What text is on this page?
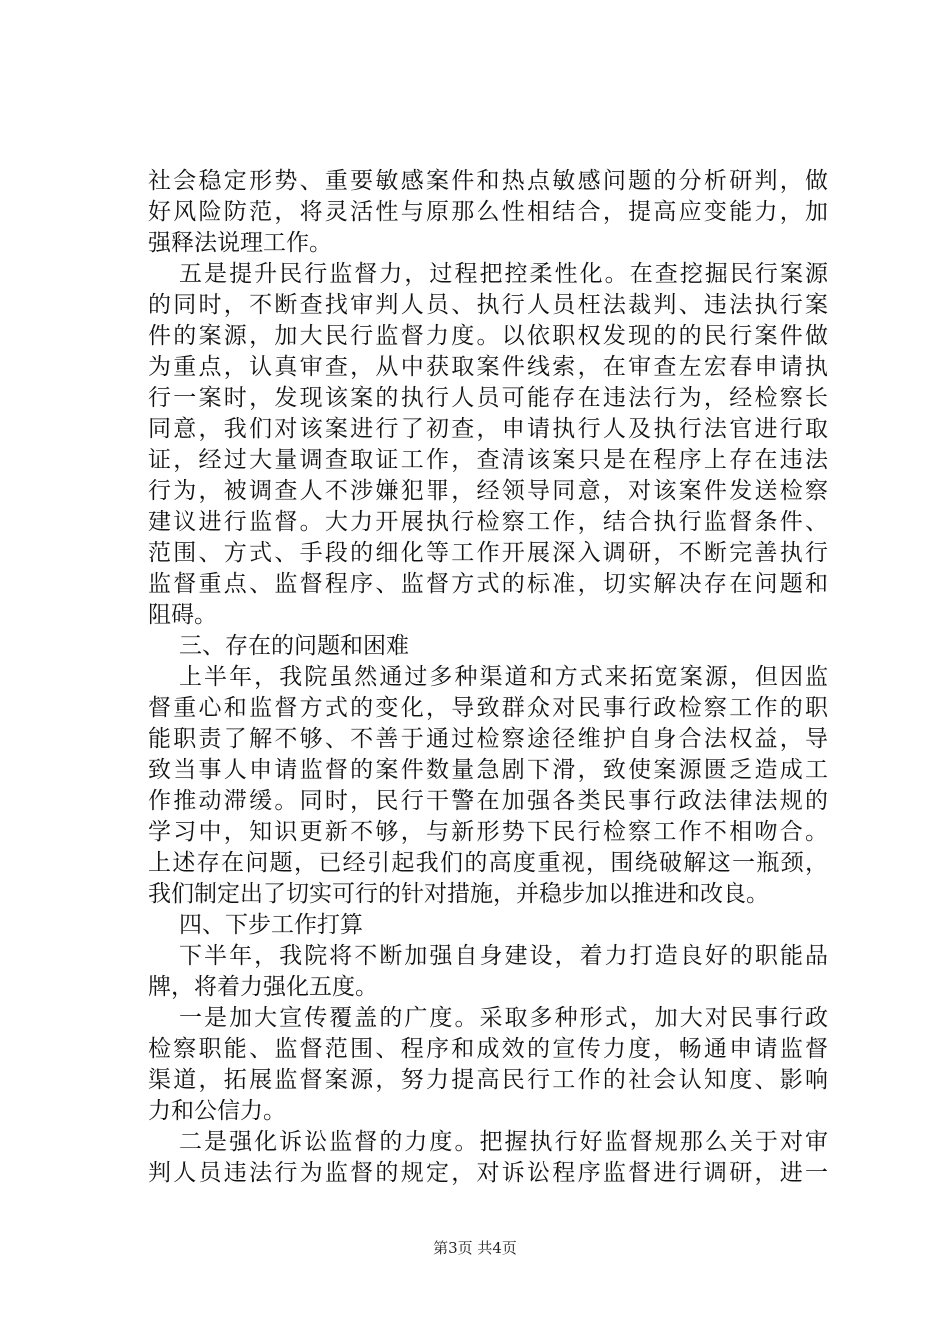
社会稳定形势、重要敏感案件和热点敏感问题的分析研判，做
好风险防范，将灵活性与原那么性相结合，提高应变能力，加
强释法说理工作。
五是提升民行监督力，过程把控柔性化。在查挖掘民行案源
的同时，不断查找审判人员、执行人员枉法裁判、违法执行案
件的案源，加大民行监督力度。以依职权发现的的民行案件做
为重点，认真审查，从中获取案件线索，在审查左宏春申请执
行一案时，发现该案的执行人员可能存在违法行为，经检察长
同意，我们对该案进行了初查，申请执行人及执行法官进行取
证，经过大量调查取证工作，查清该案只是在程序上存在违法
行为，被调查人不涉嫌犯罪，经领导同意，对该案件发送检察
建议进行监督。大力开展执行检察工作，结合执行监督条件、
范围、方式、手段的细化等工作开展深入调研，不断完善执行
监督重点、监督程序、监督方式的标准，切实解决存在问题和
阻碍。
三、存在的问题和困难
上半年，我院虽然通过多种渠道和方式来拓宽案源，但因监
督重心和监督方式的变化，导致群众对民事行政检察工作的职
能职责了解不够、不善于通过检察途径维护自身合法权益，导
致当事人申请监督的案件数量急剧下滑，致使案源匮乏造成工
作推动滞缓。同时，民行干警在加强各类民事行政法律法规的
学习中，知识更新不够，与新形势下民行检察工作不相吻合。
上述存在问题，已经引起我们的高度重视，围绕破解这一瓶颈，
我们制定出了切实可行的针对措施，并稳步加以推进和改良。
四、下步工作打算
下半年，我院将不断加强自身建设，着力打造良好的职能品
牌，将着力强化五度。
一是加大宣传覆盖的广度。采取多种形式，加大对民事行政
检察职能、监督范围、程序和成效的宣传力度，畅通申请监督
渠道，拓展监督案源，努力提高民行工作的社会认知度、影响
力和公信力。
二是强化诉讼监督的力度。把握执行好监督规那么关于对审
判人员违法行为监督的规定，对诉讼程序监督进行调研，进一
第3页 共4页
